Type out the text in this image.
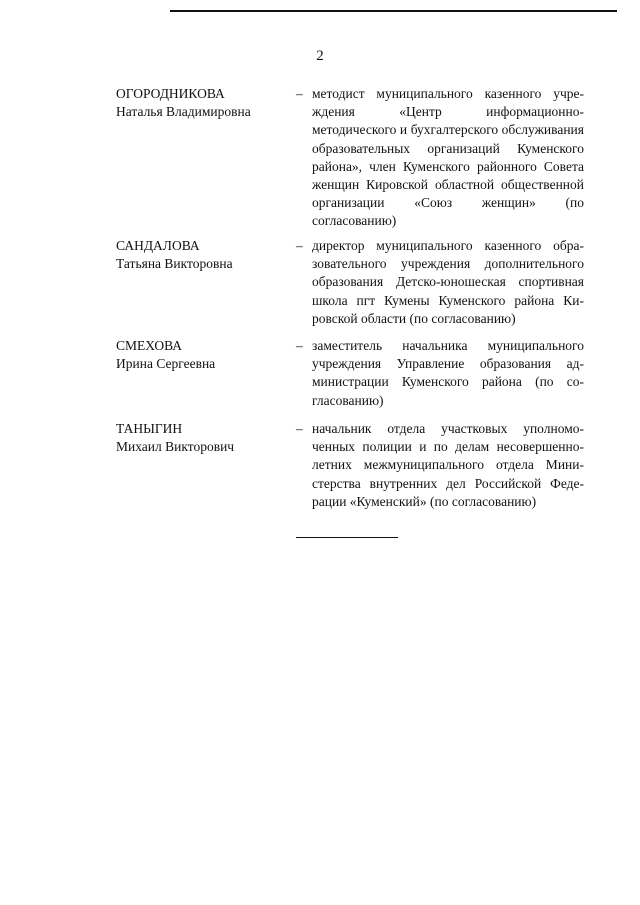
2
ОГОРОДНИКОВА
Наталья Владимировна
– методист муниципального казенного учреждения «Центр информационно-методического и бухгалтерского обслуживания образовательных организаций Куменского района», член Куменского районного Совета женщин Кировской областной общественной организации «Союз женщин» (по согласованию)
САНДАЛОВА
Татьяна Викторовна
– директор муниципального казенного образовательного учреждения дополнительного образования Детско-юношеская спортивная школа пгт Кумены Куменского района Кировской области (по согласованию)
СМЕХОВА
Ирина Сергеевна
– заместитель начальника муниципального учреждения Управление образования администрации Куменского района (по согласованию)
ТАНЫГИН
Михаил Викторович
– начальник отдела участковых уполномоченных полиции и по делам несовершеннолетних межмуниципального отдела Министерства внутренних дел Российской Федерации «Куменский» (по согласованию)
